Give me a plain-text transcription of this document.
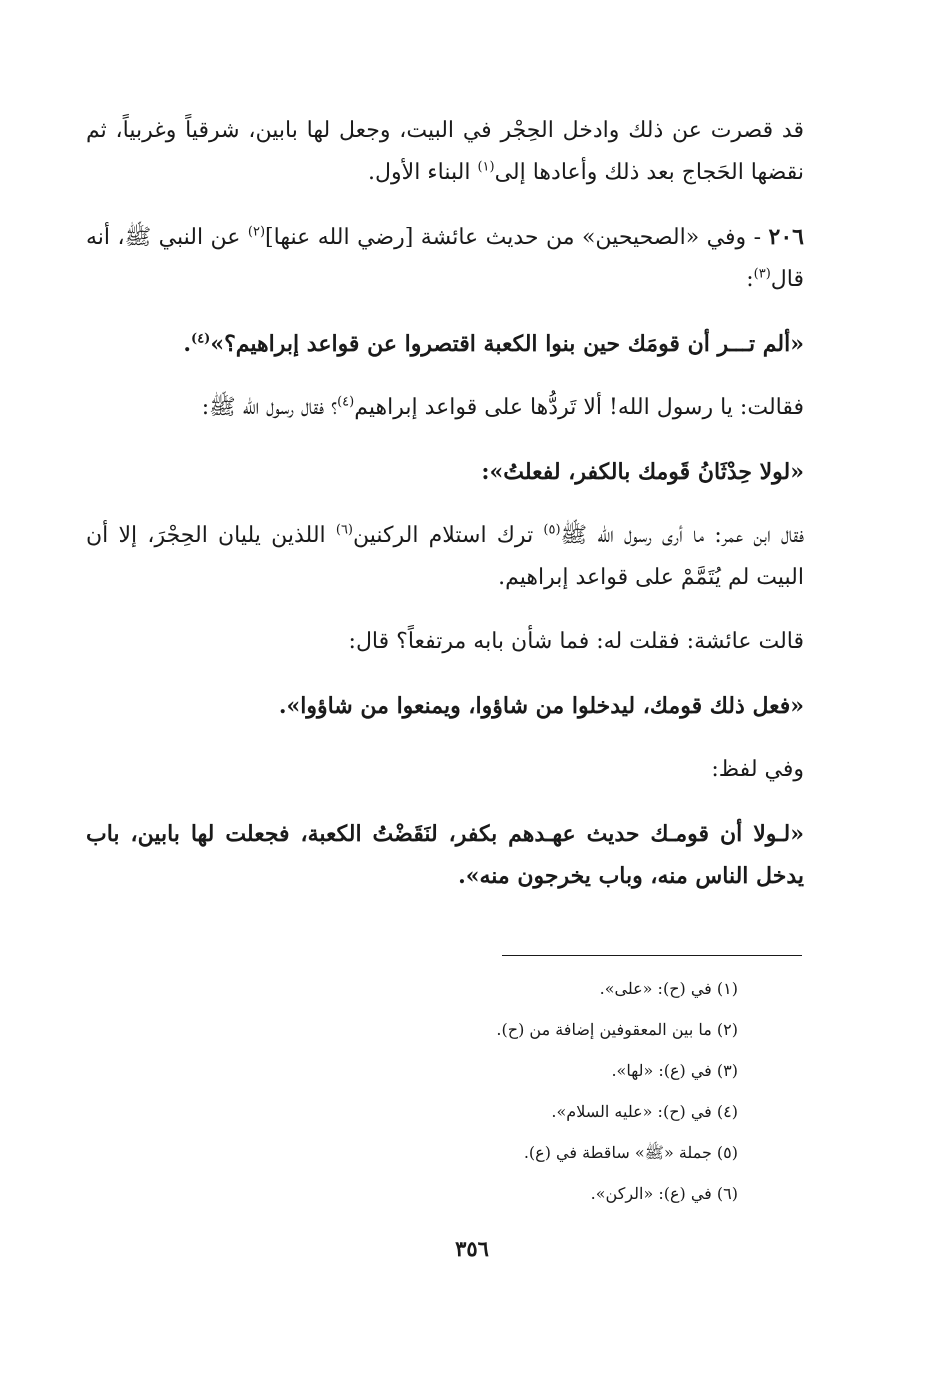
قد قصرت عن ذلك وادخل الحِجْر في البيت، وجعل لها بابين، شرقياً وغربياً، ثم نقضها الحَجاج بعد ذلك وأعادها إلى$^{(١)}$ البناء الأول.

٢٠٦ - وفي «الصحيحين» من حديث عائشة [رضي الله عنها]$^{(٢)}$ عن النبي ﷺ، أنه قال$^{(٣)}$:

«ألم تـــر أن قومَك حين بنوا الكعبة اقتصروا عن قواعد إبراهيم؟»$^{(٤)}$.

فقالت: يا رسول الله! ألا تَردُّها على قواعد إبراهيم$^{(٤)}$؟ فقال رسول الله ﷺ:

«لولا حِدْثَانُ قَومك بالكفر، لفعلتُ»:

فقال ابن عمر: ما أرى رسول الله ﷺ$^{(٥)}$ ترك استلام الركنين$^{(٦)}$ اللذين يليان الحِجْرَ، إلا أن البيت لم يُتَمَّمْ على قواعد إبراهيم.

قالت عائشة: فقلت له: فما شأن بابه مرتفعاً؟ قال:

«فعل ذلك قومك، ليدخلوا من شاؤوا، ويمنعوا من شاؤوا».

وفي لفظ:

«لـولا أن قومـك حديث عهـدهم بكفر، لنَقَضْتُ الكعبة، فجعلت لها بابين، باب يدخل الناس منه، وباب يخرجون منه».

(١) في (ح): «على».

(٢) ما بين المعقوفين إضافة من (ح).

(٣) في (ع): «لها».

(٤) في (ح): «عليه السلام».

(٥) جملة «ﷺ» ساقطة في (ع).

(٦) في (ع): «الركن».

٣٥٦
